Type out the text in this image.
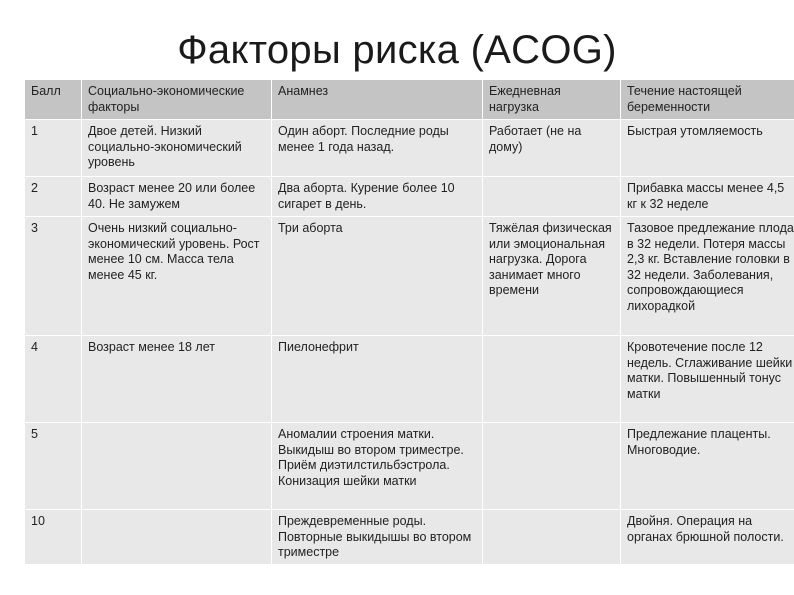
Факторы риска (ACOG)
Балл	Социально-экономические факторы	Анамнез	Ежедневная нагрузка	Течение настоящей беременности
1	Двое детей. Низкий социально-экономический уровень	Один аборт. Последние роды менее 1 года назад.	Работает (не на дому)	Быстрая утомляемость
2	Возраст менее 20 или более 40. Не замужем	Два аборта. Курение более 10 сигарет в день.		Прибавка массы менее 4,5 кг к 32 неделе
3	Очень низкий социально-экономический уровень. Рост менее 10 см. Масса тела менее 45 кг.	Три аборта	Тяжёлая физическая или эмоциональная нагрузка. Дорога занимает много времени	Тазовое предлежание плода в 32 недели. Потеря массы 2,3 кг. Вставление головки в 32 недели. Заболевания, сопровождающиеся лихорадкой
4	Возраст менее 18 лет	Пиелонефрит		Кровотечение после 12 недель. Сглаживание шейки матки. Повышенный тонус матки
5		Аномалии строения матки. Выкидыш во втором триместре. Приём диэтилстильбэстрола. Конизация шейки матки		Предлежание плаценты. Многоводие.
10		Преждевременные роды. Повторные выкидышы во втором триместре		Двойня. Операция на органах брюшной полости.
